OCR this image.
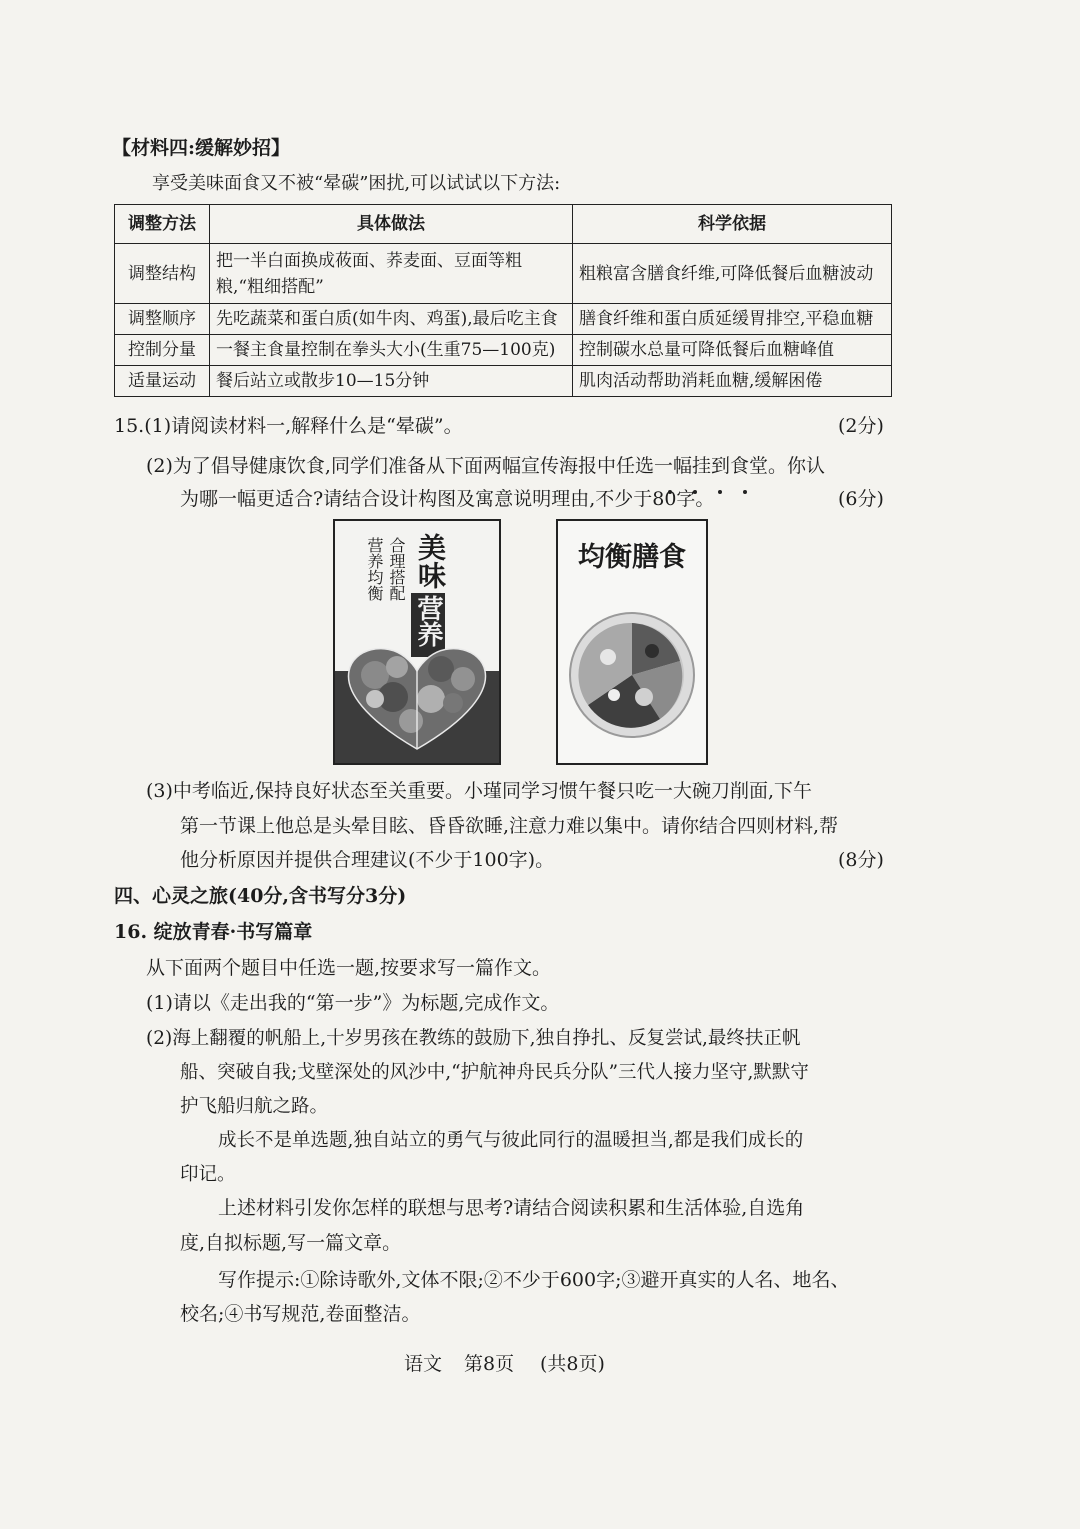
【材料四:缓解妙招】
享受美味面食又不被“晕碳”困扰,可以试试以下方法:
调整方法	具体做法	科学依据
调整结构	把一半白面换成莜面、荞麦面、豆面等粗粮,“粗细搭配”	粗粮富含膳食纤维,可降低餐后血糖波动
调整顺序	先吃蔬菜和蛋白质(如牛肉、鸡蛋),最后吃主食	膳食纤维和蛋白质延缓胃排空,平稳血糖
控制分量	一餐主食量控制在拳头大小(生重75—100克)	控制碳水总量可降低餐后血糖峰值
适量运动	餐后站立或散步10—15分钟	肌肉活动帮助消耗血糖,缓解困倦
15.(1)请阅读材料一,解释什么是“晕碳”。	(2分)
(2)为了倡导健康饮食,同学们准备从下面两幅宣传海报中任选一幅挂到食堂。你认
为哪一幅更适合?请结合设计构图及寓意说明理由,不少于80字。	(6分)
美味
营养
合理搭配
营养均衡	均衡膳食
(3)中考临近,保持良好状态至关重要。小瑾同学习惯午餐只吃一大碗刀削面,下午
第一节课上他总是头晕目眩、昏昏欲睡,注意力难以集中。请你结合四则材料,帮
他分析原因并提供合理建议(不少于100字)。	(8分)
四、心灵之旅(40分,含书写分3分)
16. 绽放青春·书写篇章
从下面两个题目中任选一题,按要求写一篇作文。
(1)请以《走出我的“第一步”》为标题,完成作文。
(2)海上翻覆的帆船上,十岁男孩在教练的鼓励下,独自挣扎、反复尝试,最终扶正帆
船、突破自我;戈壁深处的风沙中,“护航神舟民兵分队”三代人接力坚守,默默守
护飞船归航之路。
成长不是单选题,独自站立的勇气与彼此同行的温暖担当,都是我们成长的
印记。
上述材料引发你怎样的联想与思考?请结合阅读积累和生活体验,自选角
度,自拟标题,写一篇文章。
写作提示:①除诗歌外,文体不限;②不少于600字;③避开真实的人名、地名、
校名;④书写规范,卷面整洁。
语文 第8页 (共8页)
